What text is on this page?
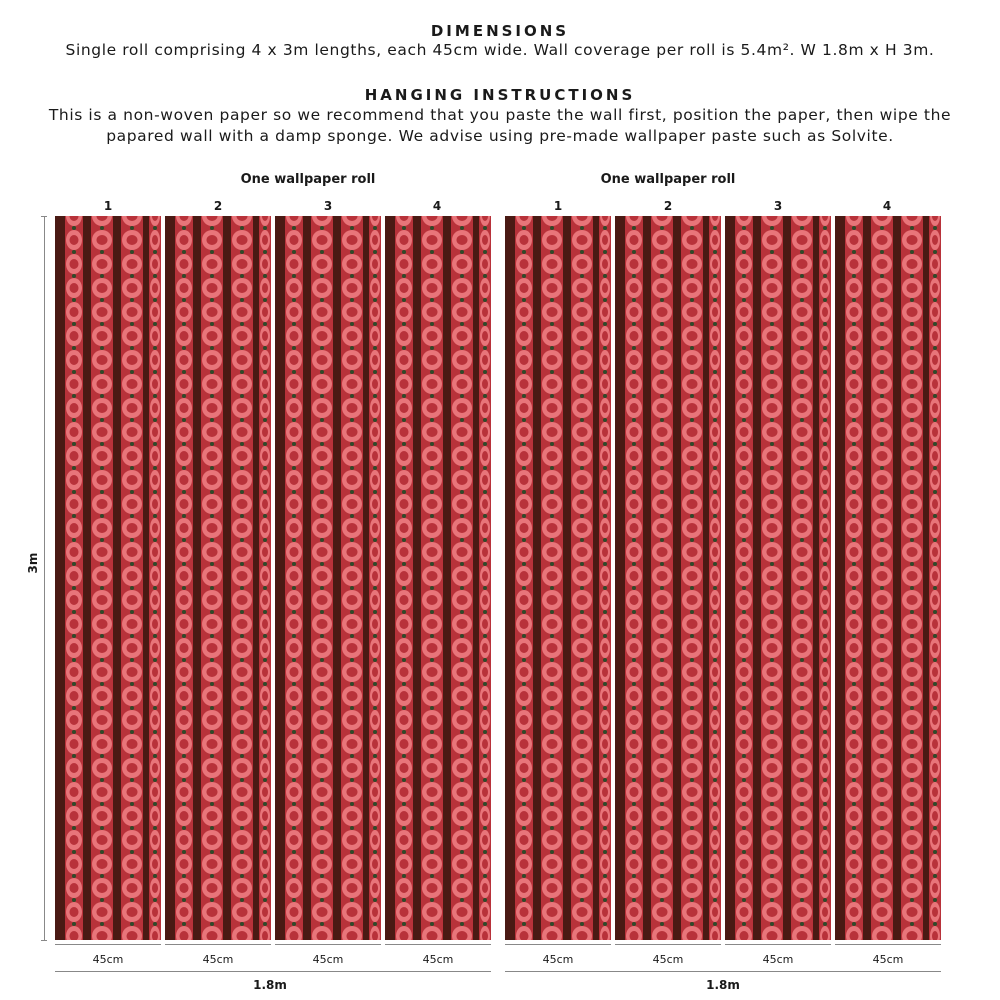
DIMENSIONS
Single roll comprising 4 x 3m lengths, each 45cm wide. Wall coverage per roll is 5.4m². W 1.8m x H 3m.
HANGING INSTRUCTIONS
This is a non-woven paper so we recommend that you paste the wall first, position the paper, then wipe the
papared wall with a damp sponge. We advise using pre-made wallpaper paste such as Solvite.
One wallpaper roll	One wallpaper roll
1	2	3	4	1	2	3	4
3m
45cm	45cm	45cm	45cm	45cm	45cm	45cm	45cm
1.8m	1.8m
